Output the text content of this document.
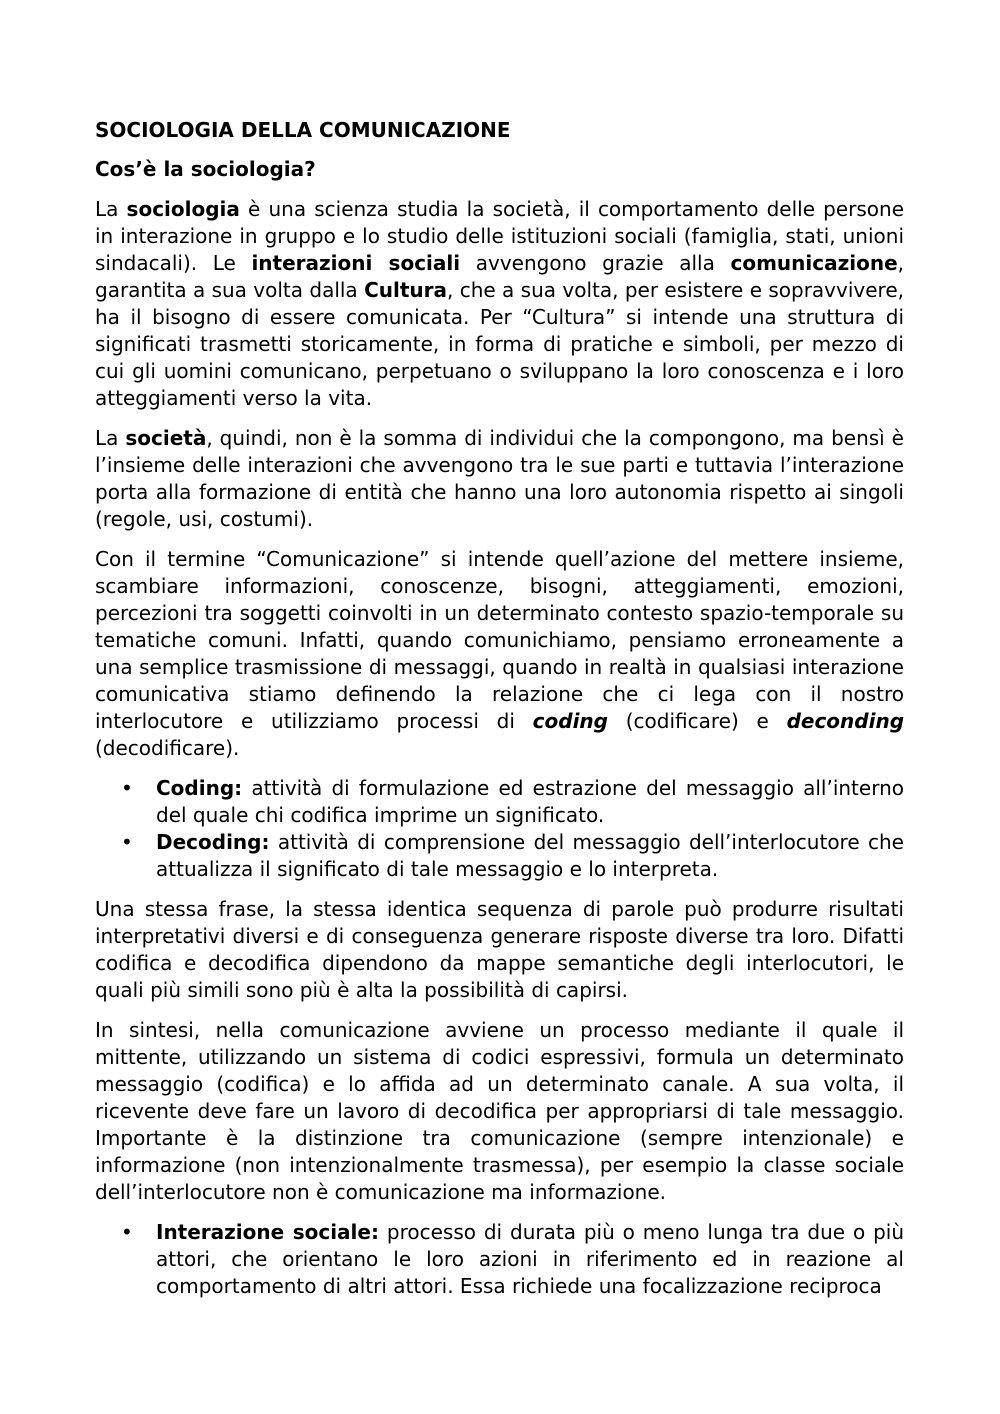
SOCIOLOGIA DELLA COMUNICAZIONE
Cos’è la sociologia?

La sociologia è una scienza studia la società, il comportamento delle persone in interazione in gruppo e lo studio delle istituzioni sociali (famiglia, stati, unioni sindacali). Le interazioni sociali avvengono grazie alla comunicazione, garantita a sua volta dalla Cultura, che a sua volta, per esistere e sopravvivere, ha il bisogno di essere comunicata. Per “Cultura” si intende una struttura di significati trasmetti storicamente, in forma di pratiche e simboli, per mezzo di cui gli uomini comunicano, perpetuano o sviluppano la loro conoscenza e i loro atteggiamenti verso la vita.

La società, quindi, non è la somma di individui che la compongono, ma bensì è l’insieme delle interazioni che avvengono tra le sue parti e tuttavia l’interazione porta alla formazione di entità che hanno una loro autonomia rispetto ai singoli (regole, usi, costumi).

Con il termine “Comunicazione” si intende quell’azione del mettere insieme, scambiare informazioni, conoscenze, bisogni, atteggiamenti, emozioni, percezioni tra soggetti coinvolti in un determinato contesto spazio-temporale su tematiche comuni. Infatti, quando comunichiamo, pensiamo erroneamente a una semplice trasmissione di messaggi, quando in realtà in qualsiasi interazione comunicativa stiamo definendo la relazione che ci lega con il nostro interlocutore e utilizziamo processi di coding (codificare) e deconding (decodificare).

• Coding: attività di formulazione ed estrazione del messaggio all’interno del quale chi codifica imprime un significato.
• Decoding: attività di comprensione del messaggio dell’interlocutore che attualizza il significato di tale messaggio e lo interpreta.

Una stessa frase, la stessa identica sequenza di parole può produrre risultati interpretativi diversi e di conseguenza generare risposte diverse tra loro. Difatti codifica e decodifica dipendono da mappe semantiche degli interlocutori, le quali più simili sono più è alta la possibilità di capirsi.

In sintesi, nella comunicazione avviene un processo mediante il quale il mittente, utilizzando un sistema di codici espressivi, formula un determinato messaggio (codifica) e lo affida ad un determinato canale. A sua volta, il ricevente deve fare un lavoro di decodifica per appropriarsi di tale messaggio. Importante è la distinzione tra comunicazione (sempre intenzionale) e informazione (non intenzionalmente trasmessa), per esempio la classe sociale dell’interlocutore non è comunicazione ma informazione.

• Interazione sociale: processo di durata più o meno lunga tra due o più attori, che orientano le loro azioni in riferimento ed in reazione al comportamento di altri attori. Essa richiede una focalizzazione reciproca
